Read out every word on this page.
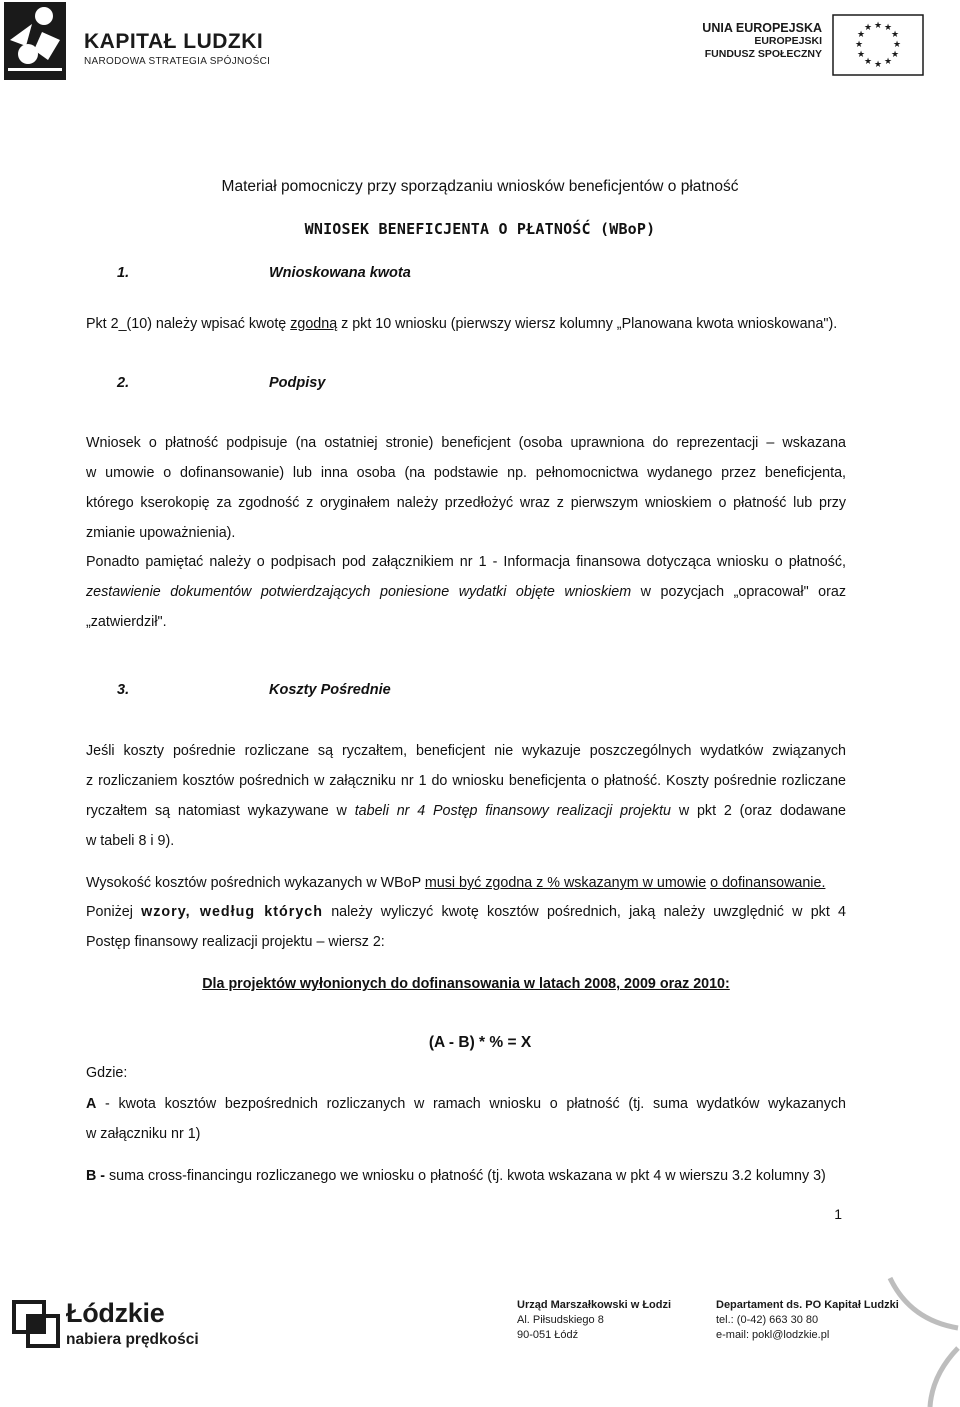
KAPITAŁ LUDZKI
NARODOWA STRATEGIA SPÓJNOŚCI
UNIA EUROPEJSKA
EUROPEJSKI
FUNDUSZ SPOŁECZNY
★ ★
★
★
★
★
★
★
★
★
★
★
Materiał pomocniczy przy sporządzaniu wniosków beneficjentów o płatność
WNIOSEK BENEFICJENTA O PŁATNOŚĆ (WBoP)
1.	Wnioskowana kwota
Pkt 2_(10) należy wpisać kwotę zgodną z pkt 10 wniosku (pierwszy wiersz kolumny „Planowana kwota wnioskowana").
2.	Podpisy
Wniosek o płatność podpisuje (na ostatniej stronie) beneficjent (osoba uprawniona do reprezentacji – wskazana
w umowie o dofinansowanie) lub inna osoba (na podstawie np. pełnomocnictwa wydanego przez beneficjenta,
którego kserokopię za zgodność z oryginałem należy przedłożyć wraz z pierwszym wnioskiem o płatność lub przy
zmianie upoważnienia).
Ponadto pamiętać należy o podpisach pod załącznikiem nr 1 - Informacja finansowa dotycząca wniosku o płatność,
zestawienie dokumentów potwierdzających poniesione wydatki objęte wnioskiem w pozycjach „opracował" oraz
„zatwierdził".
3.	Koszty Pośrednie
Jeśli koszty pośrednie rozliczane są ryczałtem, beneficjent nie wykazuje poszczególnych wydatków związanych
z rozliczaniem kosztów pośrednich w załączniku nr 1 do wniosku beneficjenta o płatność. Koszty pośrednie rozliczane
ryczałtem są natomiast wykazywane w tabeli nr 4 Postęp finansowy realizacji projektu w pkt 2 (oraz dodawane
w tabeli 8 i 9).
Wysokość kosztów pośrednich wykazanych w WBoP musi być zgodna z % wskazanym w umowie o dofinansowanie.
Poniżej wzory, według których należy wyliczyć kwotę kosztów pośrednich, jaką należy uwzględnić w pkt 4
Postęp finansowy realizacji projektu – wiersz 2:
Dla projektów wyłonionych do dofinansowania w latach 2008, 2009 oraz 2010:
(A - B) * % = X
Gdzie:
A - kwota kosztów bezpośrednich rozliczanych w ramach wniosku o płatność (tj. suma wydatków wykazanych
w załączniku nr 1)
B - suma cross-financingu rozliczanego we wniosku o płatność (tj. kwota wskazana w pkt 4 w wierszu 3.2 kolumny 3)
1
Łódzkie
nabiera prędkości
Urząd Marszałkowski w Łodzi
Al. Piłsudskiego 8
90-051 Łódź
Departament ds. PO Kapitał Ludzki
tel.: (0-42) 663 30 80
e-mail: pokl@lodzkie.pl
